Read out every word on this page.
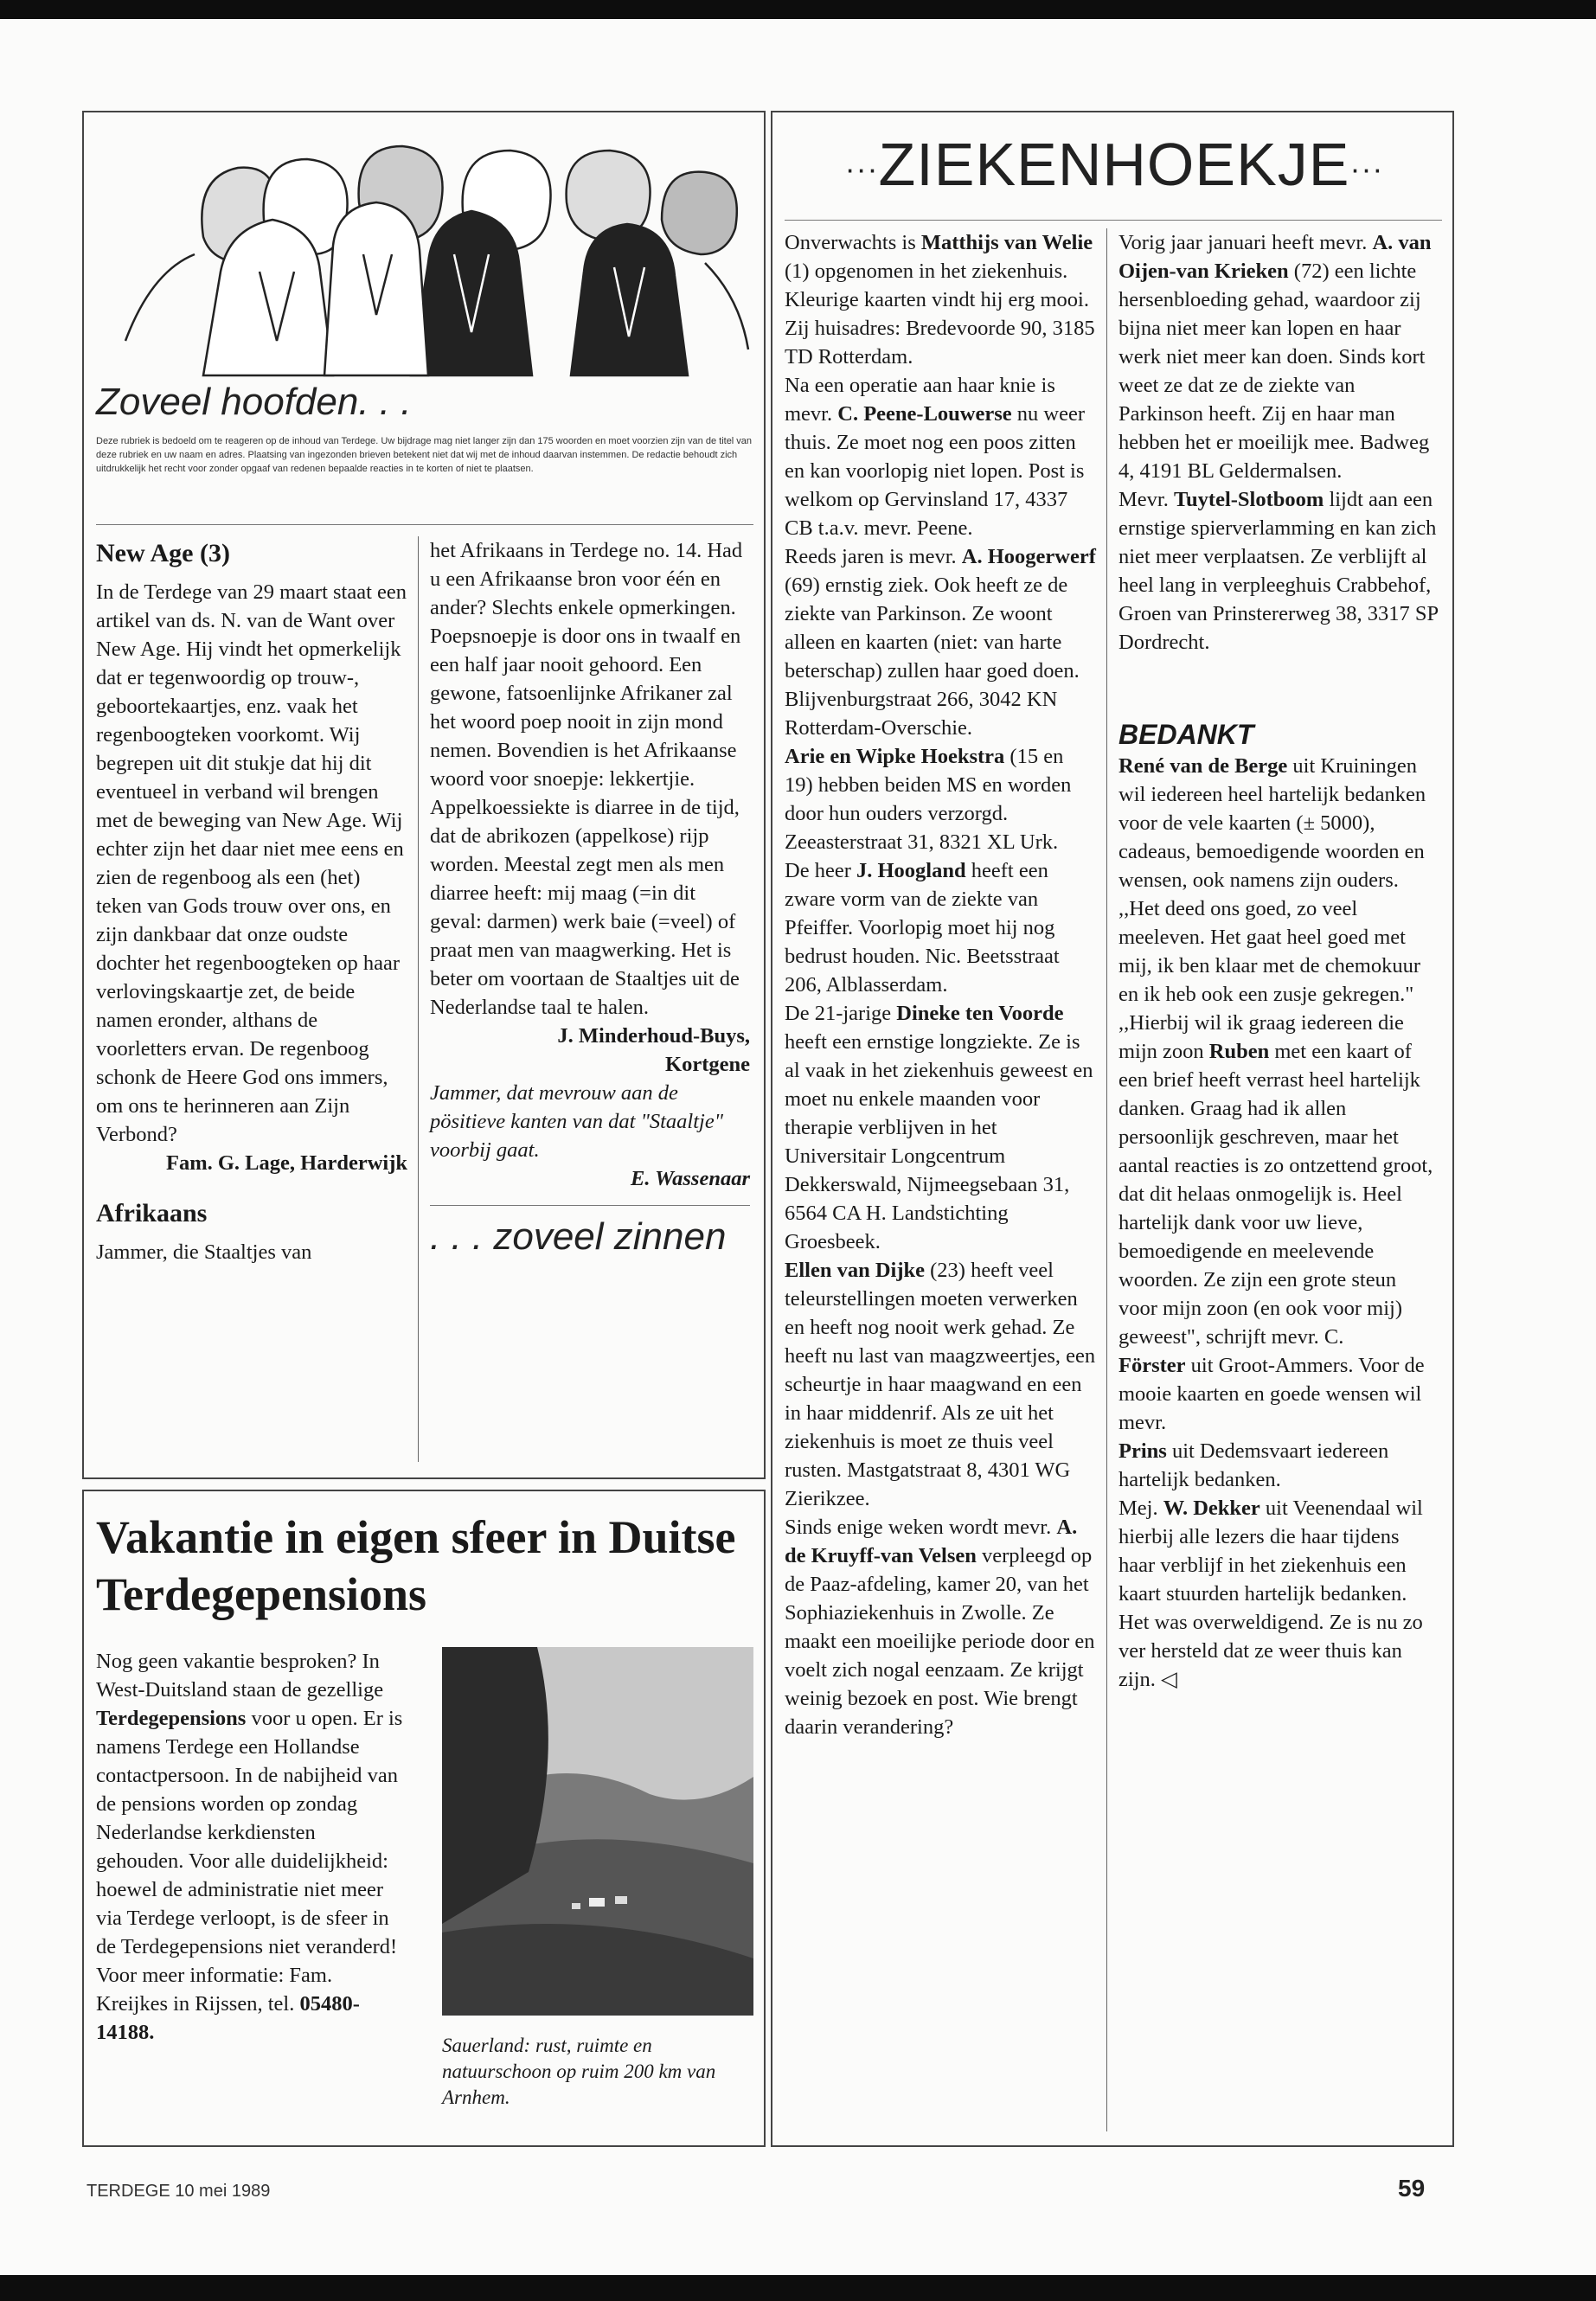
Zoveel hoofden. . .

Deze rubriek is bedoeld om te reageren op de inhoud van Terdege. Uw bijdrage mag niet langer zijn dan 175 woorden en moet voorzien zijn van de titel van deze rubriek en uw naam en adres. Plaatsing van ingezonden brieven betekent niet dat wij met de inhoud daarvan instemmen. De redactie behoudt zich uitdrukkelijk het recht voor zonder opgaaf van redenen bepaalde reacties in te korten of niet te plaatsen.

New Age (3)

In de Terdege van 29 maart staat een artikel van ds. N. van de Want over New Age. Hij vindt het opmerkelijk dat er tegenwoordig op trouw-, geboortekaartjes, enz. vaak het regenboogteken voorkomt. Wij begrepen uit dit stukje dat hij dit eventueel in verband wil brengen met de beweging van New Age. Wij echter zijn het daar niet mee eens en zien de regenboog als een (het) teken van Gods trouw over ons, en zijn dankbaar dat onze oudste dochter het regenboogteken op haar verlovingskaartje zet, de beide namen eronder, althans de voorletters ervan. De regenboog schonk de Heere God ons immers, om ons te herinneren aan Zijn Verbond?

Fam. G. Lage, Harderwijk

Afrikaans

Jammer, die Staaltjes van

het Afrikaans in Terdege no. 14. Had u een Afrikaanse bron voor één en ander? Slechts enkele opmerkingen. Poepsnoepje is door ons in twaalf en een half jaar nooit gehoord. Een gewone, fatsoenlijnke Afrikaner zal het woord poep nooit in zijn mond nemen. Bovendien is het Afrikaanse woord voor snoepje: lekkertjie. Appelkoessiekte is diarree in de tijd, dat de abrikozen (appelkose) rijp worden. Meestal zegt men als men diarree heeft: mij maag (=in dit geval: darmen) werk baie (=veel) of praat men van maagwerking. Het is beter om voortaan de Staaltjes uit de Nederlandse taal te halen.

J. Minderhoud-Buys,

Kortgene

Jammer, dat mevrouw aan de pösitieve kanten van dat "Staaltje" voorbij gaat.

E. Wassenaar

. . . zoveel zinnen
Vakantie in eigen sfeer in Duitse Terdegepensions

Nog geen vakantie besproken? In West-Duitsland staan de gezellige Terdegepensions voor u open. Er is namens Terdege een Hollandse contactpersoon. In de nabijheid van de pensions worden op zondag Nederlandse kerkdiensten gehouden. Voor alle duidelijkheid: hoewel de administratie niet meer via Terdege verloopt, is de sfeer in de Terdegepensions niet veranderd! Voor meer informatie: Fam. Kreijkes in Rijssen, tel. 05480-14188.

Sauerland: rust, ruimte en natuurschoon op ruim 200 km van Arnhem.

···ZIEKENHOEKJE···

Onverwachts is Matthijs van Welie (1) opgenomen in het ziekenhuis. Kleurige kaarten vindt hij erg mooi. Zij huisadres: Bredevoorde 90, 3185 TD Rotterdam.

Na een operatie aan haar knie is mevr. C. Peene-Louwerse nu weer thuis. Ze moet nog een poos zitten en kan voorlopig niet lopen. Post is welkom op Gervinsland 17, 4337 CB t.a.v. mevr. Peene.

Reeds jaren is mevr. A. Hoogerwerf (69) ernstig ziek. Ook heeft ze de ziekte van Parkinson. Ze woont alleen en kaarten (niet: van harte beterschap) zullen haar goed doen. Blijvenburgstraat 266, 3042 KN Rotterdam-Overschie.

Arie en Wipke Hoekstra (15 en 19) hebben beiden MS en worden door hun ouders verzorgd. Zeeasterstraat 31, 8321 XL Urk.

De heer J. Hoogland heeft een zware vorm van de ziekte van Pfeiffer. Voorlopig moet hij nog bedrust houden. Nic. Beetsstraat 206, Alblasserdam.

De 21-jarige Dineke ten Voorde heeft een ernstige longziekte. Ze is al vaak in het ziekenhuis geweest en moet nu enkele maanden voor therapie verblijven in het Universitair Longcentrum Dekkerswald, Nijmeegsebaan 31, 6564 CA H. Landstichting Groesbeek.

Ellen van Dijke (23) heeft veel teleurstellingen moeten verwerken en heeft nog nooit werk gehad. Ze heeft nu last van maagzweertjes, een scheurtje in haar maagwand en een in haar middenrif. Als ze uit het ziekenhuis is moet ze thuis veel rusten. Mastgatstraat 8, 4301 WG Zierikzee.

Sinds enige weken wordt mevr. A. de Kruyff-van Velsen verpleegd op de Paaz-afdeling, kamer 20, van het Sophiaziekenhuis in Zwolle. Ze maakt een moeilijke periode door en voelt zich nogal eenzaam. Ze krijgt weinig bezoek en post. Wie brengt daarin verandering?

Vorig jaar januari heeft mevr. A. van Oijen-van Krieken (72) een lichte hersenbloeding gehad, waardoor zij bijna niet meer kan lopen en haar werk niet meer kan doen. Sinds kort weet ze dat ze de ziekte van Parkinson heeft. Zij en haar man hebben het er moeilijk mee. Badweg 4, 4191 BL Geldermalsen.

Mevr. Tuytel-Slotboom lijdt aan een ernstige spierverlamming en kan zich niet meer verplaatsen. Ze verblijft al heel lang in verpleeghuis Crabbehof, Groen van Prinstererweg 38, 3317 SP Dordrecht.

BEDANKT

René van de Berge uit Kruiningen wil iedereen heel hartelijk bedanken voor de vele kaarten (± 5000), cadeaus, bemoedigende woorden en wensen, ook namens zijn ouders. ,,Het deed ons goed, zo veel meeleven. Het gaat heel goed met mij, ik ben klaar met de chemokuur en ik heb ook een zusje gekregen."

,,Hierbij wil ik graag iedereen die mijn zoon Ruben met een kaart of een brief heeft verrast heel hartelijk danken. Graag had ik allen persoonlijk geschreven, maar het aantal reacties is zo ontzettend groot, dat dit helaas onmogelijk is. Heel hartelijk dank voor uw lieve, bemoedigende en meelevende woorden. Ze zijn een grote steun voor mijn zoon (en ook voor mij) geweest", schrijft mevr. C.

Förster uit Groot-Ammers. Voor de mooie kaarten en goede wensen wil mevr.

Prins uit Dedemsvaart iedereen hartelijk bedanken.

Mej. W. Dekker uit Veenendaal wil hierbij alle lezers die haar tijdens haar verblijf in het ziekenhuis een kaart stuurden hartelijk bedanken. Het was overweldigend. Ze is nu zo ver hersteld dat ze weer thuis kan zijn. ◁

TERDEGE 10 mei 1989	59
